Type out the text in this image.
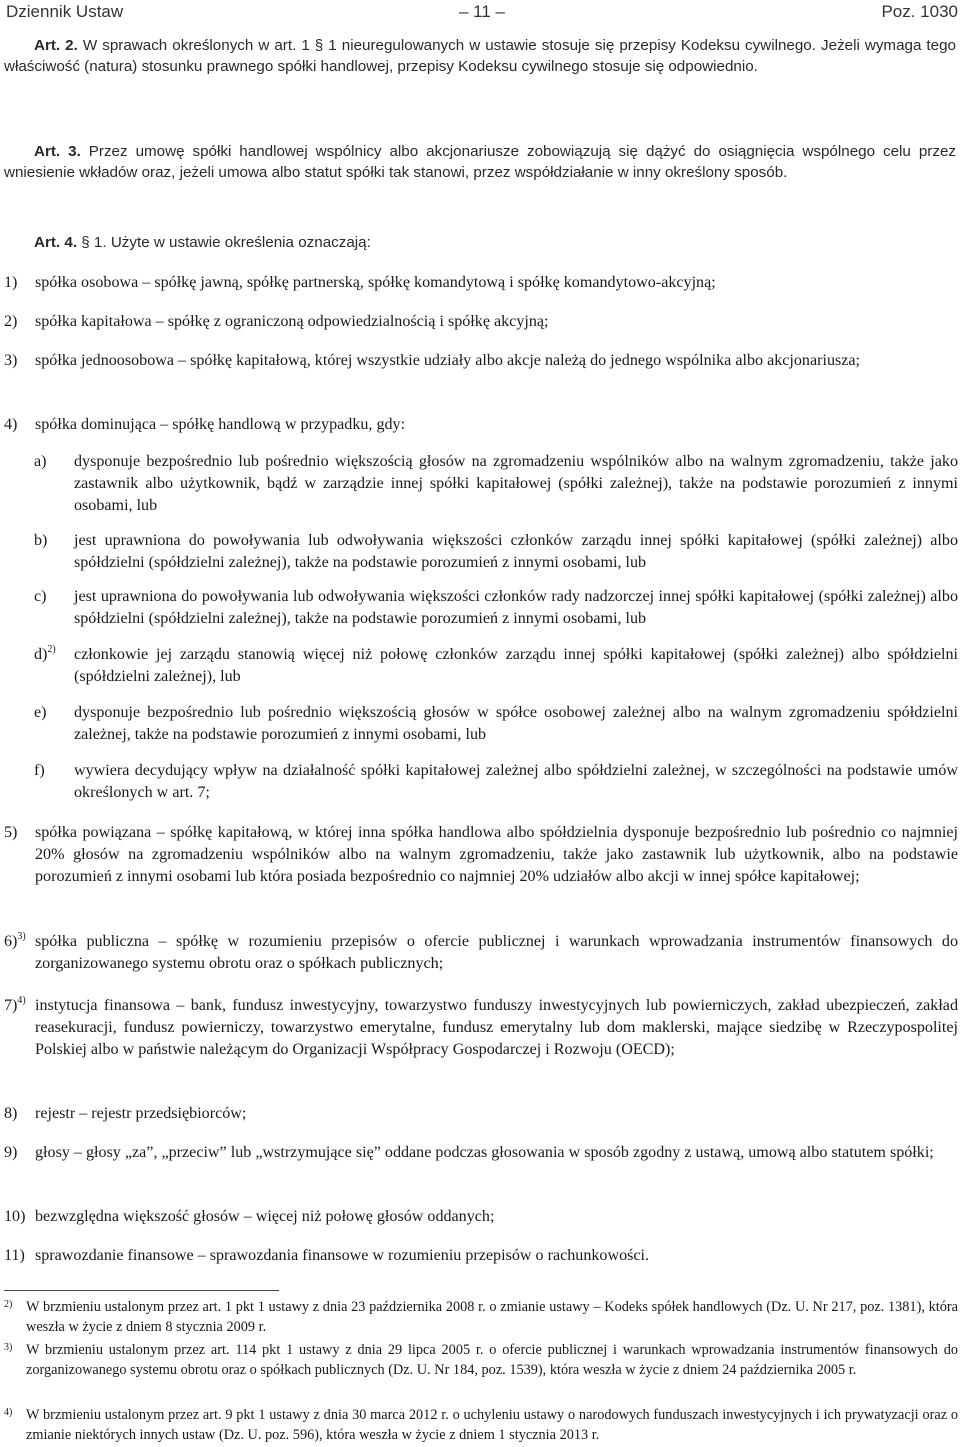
Dziennik Ustaw	– 11 –	Poz. 1030
Art. 2. W sprawach określonych w art. 1 § 1 nieuregulowanych w ustawie stosuje się przepisy Kodeksu cywilnego. Jeżeli wymaga tego właściwość (natura) stosunku prawnego spółki handlowej, przepisy Kodeksu cywilnego stosuje się odpowiednio.
Art. 3. Przez umowę spółki handlowej wspólnicy albo akcjonariusze zobowiązują się dążyć do osiągnięcia wspólnego celu przez wniesienie wkładów oraz, jeżeli umowa albo statut spółki tak stanowi, przez współdziałanie w inny określony sposób.
Art. 4. § 1. Użyte w ustawie określenia oznaczają:
1) spółka osobowa – spółkę jawną, spółkę partnerską, spółkę komandytową i spółkę komandytowo-akcyjną;
2) spółka kapitałowa – spółkę z ograniczoną odpowiedzialnością i spółkę akcyjną;
3) spółka jednoosobowa – spółkę kapitałową, której wszystkie udziały albo akcje należą do jednego wspólnika albo akcjonariusza;
4) spółka dominująca – spółkę handlową w przypadku, gdy:
a) dysponuje bezpośrednio lub pośrednio większością głosów na zgromadzeniu wspólników albo na walnym zgromadzeniu, także jako zastawnik albo użytkownik, bądź w zarządzie innej spółki kapitałowej (spółki zależnej), także na podstawie porozumień z innymi osobami, lub
b) jest uprawniona do powoływania lub odwoływania większości członków zarządu innej spółki kapitałowej (spółki zależnej) albo spółdzielni (spółdzielni zależnej), także na podstawie porozumień z innymi osobami, lub
c) jest uprawniona do powoływania lub odwoływania większości członków rady nadzorczej innej spółki kapitałowej (spółki zależnej) albo spółdzielni (spółdzielni zależnej), także na podstawie porozumień z innymi osobami, lub
d)$^{2)}$ członkowie jej zarządu stanowią więcej niż połowę członków zarządu innej spółki kapitałowej (spółki zależnej) albo spółdzielni (spółdzielni zależnej), lub
e) dysponuje bezpośrednio lub pośrednio większością głosów w spółce osobowej zależnej albo na walnym zgromadzeniu spółdzielni zależnej, także na podstawie porozumień z innymi osobami, lub
f) wywiera decydujący wpływ na działalność spółki kapitałowej zależnej albo spółdzielni zależnej, w szczególności na podstawie umów określonych w art. 7;
5) spółka powiązana – spółkę kapitałową, w której inna spółka handlowa albo spółdzielnia dysponuje bezpośrednio lub pośrednio co najmniej 20% głosów na zgromadzeniu wspólników albo na walnym zgromadzeniu, także jako zastawnik lub użytkownik, albo na podstawie porozumień z innymi osobami lub która posiada bezpośrednio co najmniej 20% udziałów albo akcji w innej spółce kapitałowej;
6)$^{3)}$ spółka publiczna – spółkę w rozumieniu przepisów o ofercie publicznej i warunkach wprowadzania instrumentów finansowych do zorganizowanego systemu obrotu oraz o spółkach publicznych;
7)$^{4)}$ instytucja finansowa – bank, fundusz inwestycyjny, towarzystwo funduszy inwestycyjnych lub powierniczych, zakład ubezpieczeń, zakład reasekuracji, fundusz powierniczy, towarzystwo emerytalne, fundusz emerytalny lub dom maklerski, mające siedzibę w Rzeczypospolitej Polskiej albo w państwie należącym do Organizacji Współpracy Gospodarczej i Rozwoju (OECD);
8) rejestr – rejestr przedsiębiorców;
9) głosy – głosy „za”, „przeciw” lub „wstrzymujące się” oddane podczas głosowania w sposób zgodny z ustawą, umową albo statutem spółki;
10) bezwzględna większość głosów – więcej niż połowę głosów oddanych;
11) sprawozdanie finansowe – sprawozdania finansowe w rozumieniu przepisów o rachunkowości.
2) W brzmieniu ustalonym przez art. 1 pkt 1 ustawy z dnia 23 października 2008 r. o zmianie ustawy – Kodeks spółek handlowych (Dz. U. Nr 217, poz. 1381), która weszła w życie z dniem 8 stycznia 2009 r.
3) W brzmieniu ustalonym przez art. 114 pkt 1 ustawy z dnia 29 lipca 2005 r. o ofercie publicznej i warunkach wprowadzania instrumentów finansowych do zorganizowanego systemu obrotu oraz o spółkach publicznych (Dz. U. Nr 184, poz. 1539), która weszła w życie z dniem 24 października 2005 r.
4) W brzmieniu ustalonym przez art. 9 pkt 1 ustawy z dnia 30 marca 2012 r. o uchyleniu ustawy o narodowych funduszach inwestycyjnych i ich prywatyzacji oraz o zmianie niektórych innych ustaw (Dz. U. poz. 596), która weszła w życie z dniem 1 stycznia 2013 r.
